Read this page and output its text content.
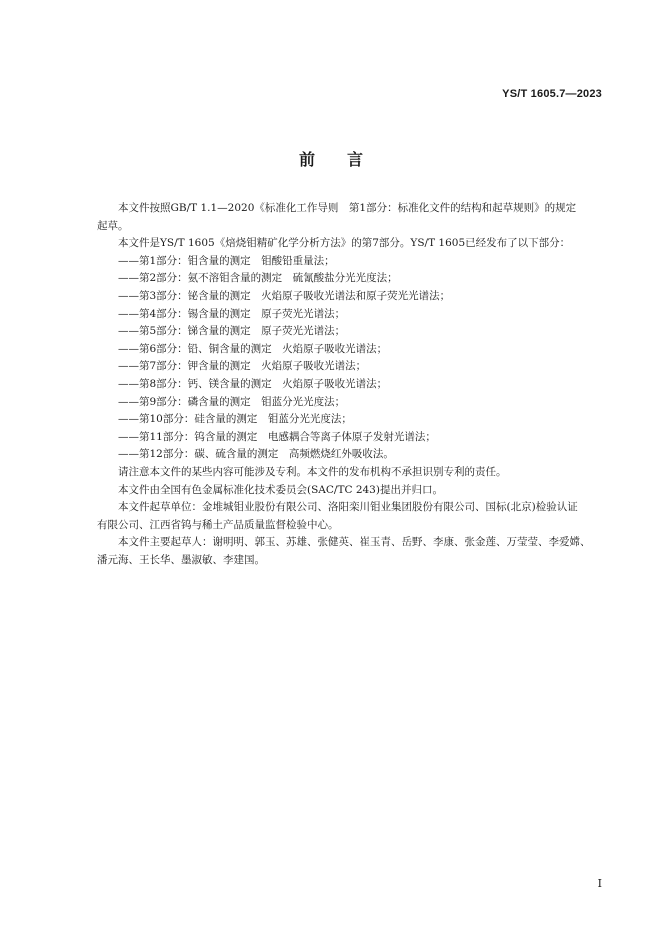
YS/T 1605.7—2023
前言

本文件按照GB/T 1.1—2020《标准化工作导则　第1部分：标准化文件的结构和起草规则》的规定

起草。

本文件是YS/T 1605《焙烧钼精矿化学分析方法》的第7部分。YS/T 1605已经发布了以下部分：

——第1部分：钼含量的测定　钼酸铅重量法；

——第2部分：氨不溶钼含量的测定　硫氰酸盐分光光度法；

——第3部分：铋含量的测定　火焰原子吸收光谱法和原子荧光光谱法；

——第4部分：锡含量的测定　原子荧光光谱法；

——第5部分：锑含量的测定　原子荧光光谱法；

——第6部分：铅、铜含量的测定　火焰原子吸收光谱法；

——第7部分：钾含量的测定　火焰原子吸收光谱法；

——第8部分：钙、镁含量的测定　火焰原子吸收光谱法；

——第9部分：磷含量的测定　钼蓝分光光度法；

——第10部分：硅含量的测定　钼蓝分光光度法；

——第11部分：钨含量的测定　电感耦合等离子体原子发射光谱法；

——第12部分：碳、硫含量的测定　高频燃烧红外吸收法。

请注意本文件的某些内容可能涉及专利。本文件的发布机构不承担识别专利的责任。

本文件由全国有色金属标准化技术委员会(SAC/TC 243)提出并归口。

本文件起草单位：金堆城钼业股份有限公司、洛阳栾川钼业集团股份有限公司、国标(北京)检验认证

有限公司、江西省钨与稀土产品质量监督检验中心。

本文件主要起草人：谢明明、郭玉、苏雄、张健英、崔玉青、岳野、李康、张金莲、万莹莹、李爱嫦、

潘元海、王长华、墨淑敏、李建国。

I
